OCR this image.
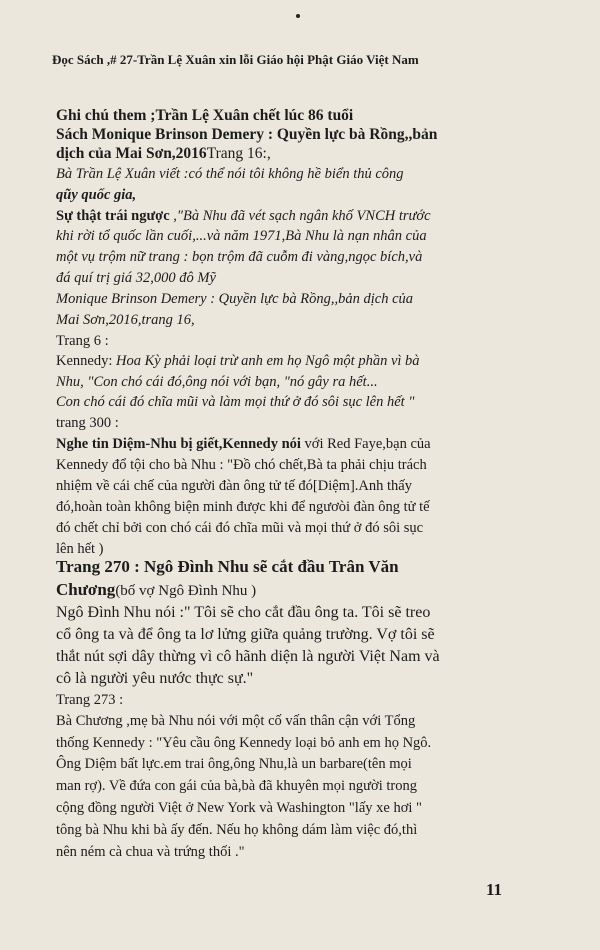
Đọc Sách ,# 27-Trần Lệ Xuân xin lỗi Giáo hội Phật Giáo Việt Nam
Ghi chú them ;Trần Lệ Xuân chết lúc 86 tuổi
Sách Monique Brinson Demery : Quyền lực bà Rồng,,bản
dịch của Mai Sơn,2016Trang 16:,
Bà Trần Lệ Xuân viết :có thể nói tôi không hề biển thủ công
qũy quốc gia,
Sự thật trái ngược ,"Bà Nhu đã vét sạch ngân khố VNCH trước
khi rời tổ quốc lần cuối,...và năm 1971,Bà Nhu là nạn nhân của
một vụ trộm nữ trang : bọn trộm đã cuỗm đi vàng,ngọc bích,và
đá quí trị giá 32,000 đô Mỹ
Monique Brinson Demery : Quyền lực bà Rồng,,bản dịch của
Mai Sơn,2016,trang 16,
Trang 6 :
Kennedy: Hoa Kỳ phải loại trừ anh em họ Ngô một phần vì bà
Nhu, "Con chó cái đó,ông nói với bạn, "nó gây ra hết...
Con chó cái đó chĩa mũi và làm mọi thứ ở đó sôi sục lên hết "
trang 300 :
Nghe tin Diệm-Nhu bị giết,Kennedy nói với Red Faye,bạn của
Kennedy đổ tội cho bà Nhu : "Đồ chó chết,Bà ta phải chịu trách
nhiệm về cái chế của người đàn ông tử tế đó[Diệm].Anh thấy
đó,hoàn toàn không biện minh được khi để ngươòi đàn ông tử tế
đó chết chỉ bởi con chó cái đó chĩa mũi và mọi thứ ở đó sôi sục
lên hết )
Trang 270 : Ngô Đình Nhu sẽ cắt đầu Trân Văn
Chương(bố vợ Ngô Đình Nhu )
Ngô Đình Nhu nói :" Tôi sẽ cho cắt đầu ông ta. Tôi sẽ treo
cổ ông ta và để ông ta lơ lửng giữa quảng trường. Vợ tôi sẽ
thắt nút sợi dây thừng vì cô hãnh diện là người Việt Nam và
cô là người yêu nước thực sự."
Trang 273 :
Bà Chương ,mẹ bà Nhu nói với một cố vấn thân cận với Tổng
thống Kennedy : "Yêu cầu ông Kennedy loại bỏ anh em họ Ngô.
Ông Diệm bất lực.em trai ông,ông Nhu,là un barbare(tên mọi
man rợ). Về đứa con gái của bà,bà đã khuyên mọi người trong
cộng đồng người Việt ở New York và Washington "lấy xe hơi "
tông bà Nhu khi bà ấy đến. Nếu họ không dám làm việc đó,thì
nên ném cà chua và trứng thối ."
11
